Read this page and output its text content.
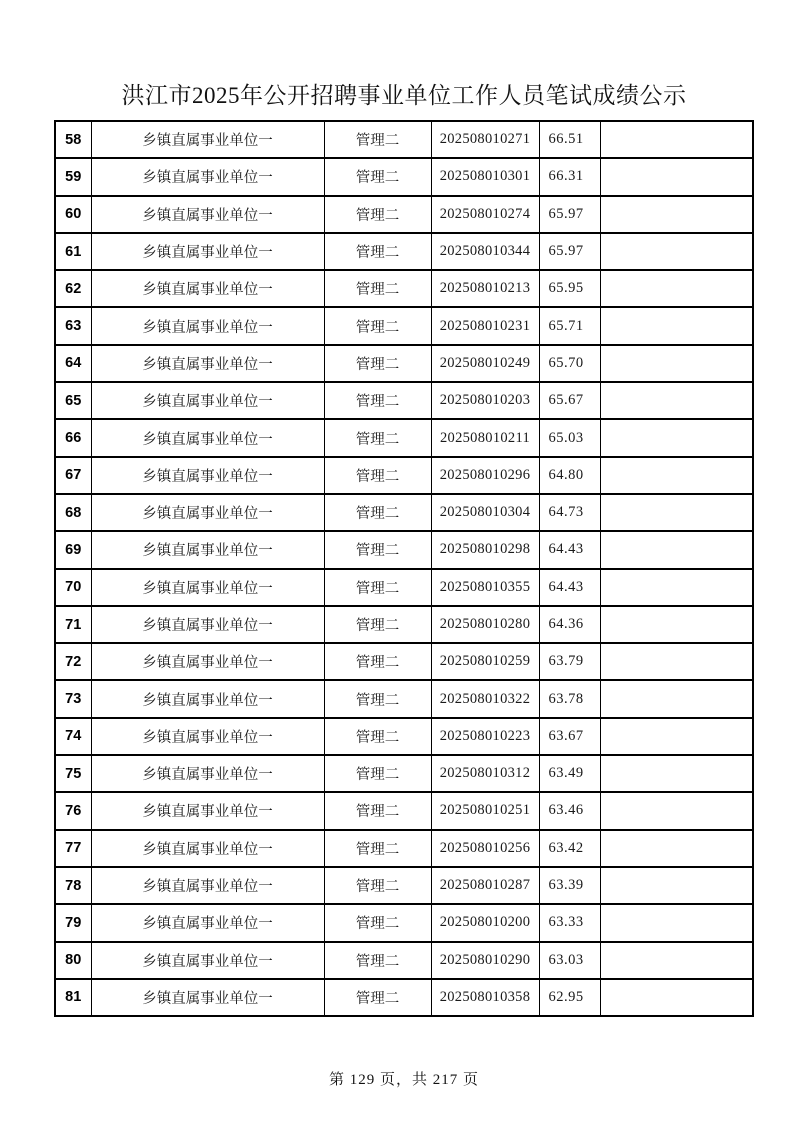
洪江市2025年公开招聘事业单位工作人员笔试成绩公示
58	乡镇直属事业单位一	管理二	202508010271	66.51	
59	乡镇直属事业单位一	管理二	202508010301	66.31	
60	乡镇直属事业单位一	管理二	202508010274	65.97	
61	乡镇直属事业单位一	管理二	202508010344	65.97	
62	乡镇直属事业单位一	管理二	202508010213	65.95	
63	乡镇直属事业单位一	管理二	202508010231	65.71	
64	乡镇直属事业单位一	管理二	202508010249	65.70	
65	乡镇直属事业单位一	管理二	202508010203	65.67	
66	乡镇直属事业单位一	管理二	202508010211	65.03	
67	乡镇直属事业单位一	管理二	202508010296	64.80	
68	乡镇直属事业单位一	管理二	202508010304	64.73	
69	乡镇直属事业单位一	管理二	202508010298	64.43	
70	乡镇直属事业单位一	管理二	202508010355	64.43	
71	乡镇直属事业单位一	管理二	202508010280	64.36	
72	乡镇直属事业单位一	管理二	202508010259	63.79	
73	乡镇直属事业单位一	管理二	202508010322	63.78	
74	乡镇直属事业单位一	管理二	202508010223	63.67	
75	乡镇直属事业单位一	管理二	202508010312	63.49	
76	乡镇直属事业单位一	管理二	202508010251	63.46	
77	乡镇直属事业单位一	管理二	202508010256	63.42	
78	乡镇直属事业单位一	管理二	202508010287	63.39	
79	乡镇直属事业单位一	管理二	202508010200	63.33	
80	乡镇直属事业单位一	管理二	202508010290	63.03	
81	乡镇直属事业单位一	管理二	202508010358	62.95	
第 129 页，共 217 页
